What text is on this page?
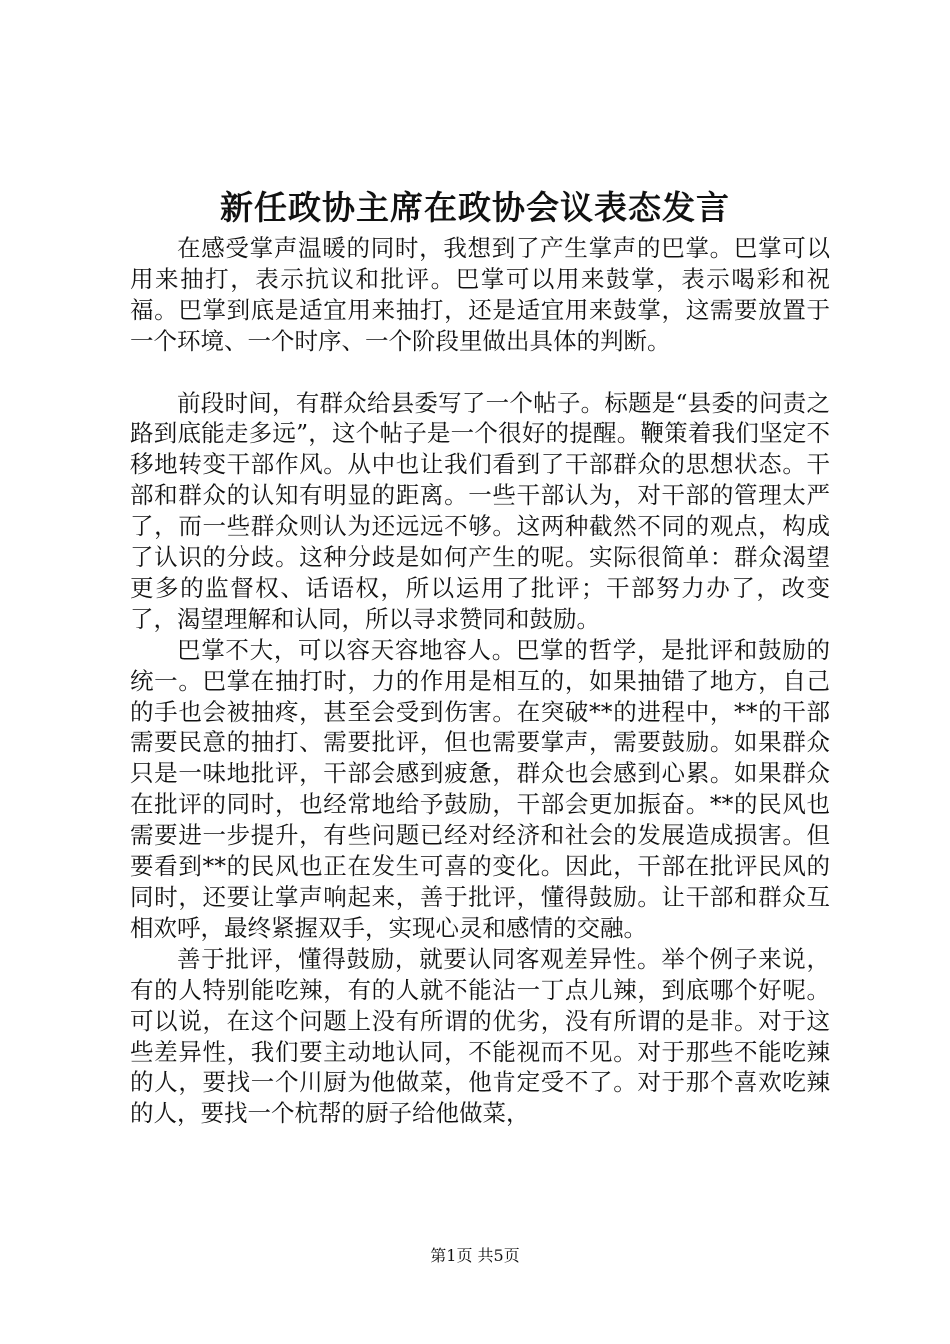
新任政协主席在政协会议表态发言

在感受掌声温暖的同时，我想到了产生掌声的巴掌。巴掌可以用来抽打，表示抗议和批评。巴掌可以用来鼓掌，表示喝彩和祝福。巴掌到底是适宜用来抽打，还是适宜用来鼓掌，这需要放置于一个环境、一个时序、一个阶段里做出具体的判断。

前段时间，有群众给县委写了一个帖子。标题是“县委的问责之路到底能走多远”，这个帖子是一个很好的提醒。鞭策着我们坚定不移地转变干部作风。从中也让我们看到了干部群众的思想状态。干部和群众的认知有明显的距离。一些干部认为，对干部的管理太严了，而一些群众则认为还远远不够。这两种截然不同的观点，构成了认识的分歧。这种分歧是如何产生的呢。实际很简单：群众渴望更多的监督权、话语权，所以运用了批评；干部努力办了，改变了，渴望理解和认同，所以寻求赞同和鼓励。

巴掌不大，可以容天容地容人。巴掌的哲学，是批评和鼓励的统一。巴掌在抽打时，力的作用是相互的，如果抽错了地方，自己的手也会被抽疼，甚至会受到伤害。在突破**的进程中，**的干部需要民意的抽打、需要批评，但也需要掌声，需要鼓励。如果群众只是一味地批评，干部会感到疲惫，群众也会感到心累。如果群众在批评的同时，也经常地给予鼓励，干部会更加振奋。**的民风也需要进一步提升，有些问题已经对经济和社会的发展造成损害。但要看到**的民风也正在发生可喜的变化。因此，干部在批评民风的同时，还要让掌声响起来，善于批评，懂得鼓励。让干部和群众互相欢呼，最终紧握双手，实现心灵和感情的交融。

善于批评，懂得鼓励，就要认同客观差异性。举个例子来说，有的人特别能吃辣，有的人就不能沾一丁点儿辣，到底哪个好呢。可以说，在这个问题上没有所谓的优劣，没有所谓的是非。对于这些差异性，我们要主动地认同，不能视而不见。对于那些不能吃辣的人，要找一个川厨为他做菜，他肯定受不了。对于那个喜欢吃辣的人，要找一个杭帮的厨子给他做菜，

第1页 共5页
